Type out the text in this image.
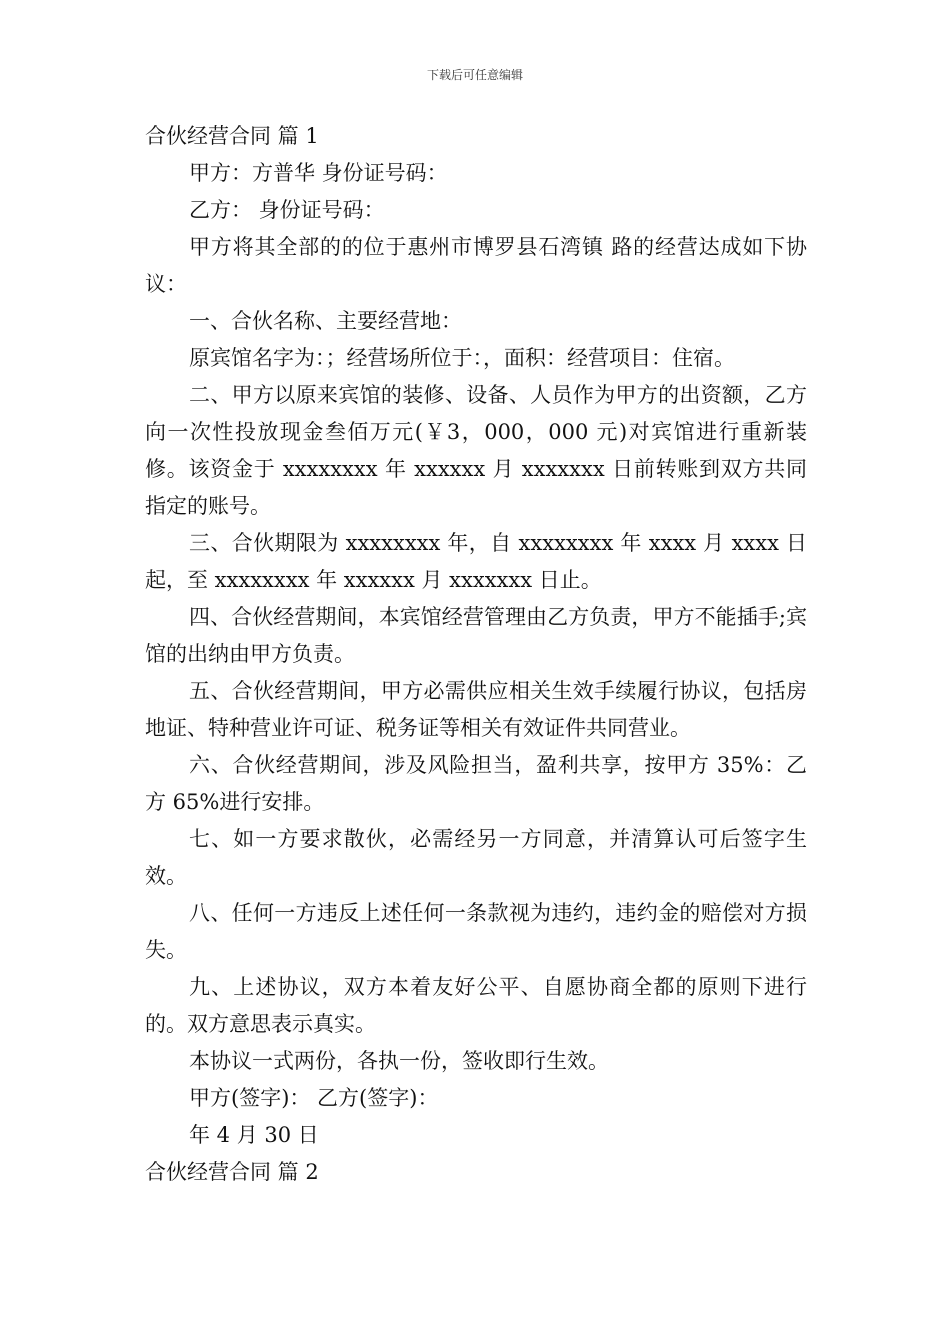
下载后可任意编辑

合伙经营合同 篇 1

甲方：方普华 身份证号码：

乙方： 身份证号码：

甲方将其全部的的位于惠州市博罗县石湾镇 路的经营达成如下协议：

一、合伙名称、主要经营地：

原宾馆名字为：；经营场所位于：，面积：经营项目：住宿。

二、甲方以原来宾馆的装修、设备、人员作为甲方的出资额，乙方向一次性投放现金叁佰万元(￥3，000，000 元)对宾馆进行重新装修。该资金于 xxxxxxxx 年 xxxxxx 月 xxxxxxx 日前转账到双方共同指定的账号。

三、合伙期限为 xxxxxxxx 年，自 xxxxxxxx 年 xxxx 月 xxxx 日起，至 xxxxxxxx 年 xxxxxx 月 xxxxxxx 日止。

四、合伙经营期间，本宾馆经营管理由乙方负责，甲方不能插手;宾馆的出纳由甲方负责。

五、合伙经营期间，甲方必需供应相关生效手续履行协议，包括房地证、特种营业许可证、税务证等相关有效证件共同营业。

六、合伙经营期间，涉及风险担当，盈利共享，按甲方 35%：乙方 65%进行安排。

七、如一方要求散伙，必需经另一方同意，并清算认可后签字生效。

八、任何一方违反上述任何一条款视为违约，违约金的赔偿对方损失。

九、上述协议，双方本着友好公平、自愿协商全都的原则下进行的。双方意思表示真实。

本协议一式两份，各执一份，签收即行生效。

甲方(签字)： 乙方(签字)：

年 4 月 30 日

合伙经营合同 篇 2
